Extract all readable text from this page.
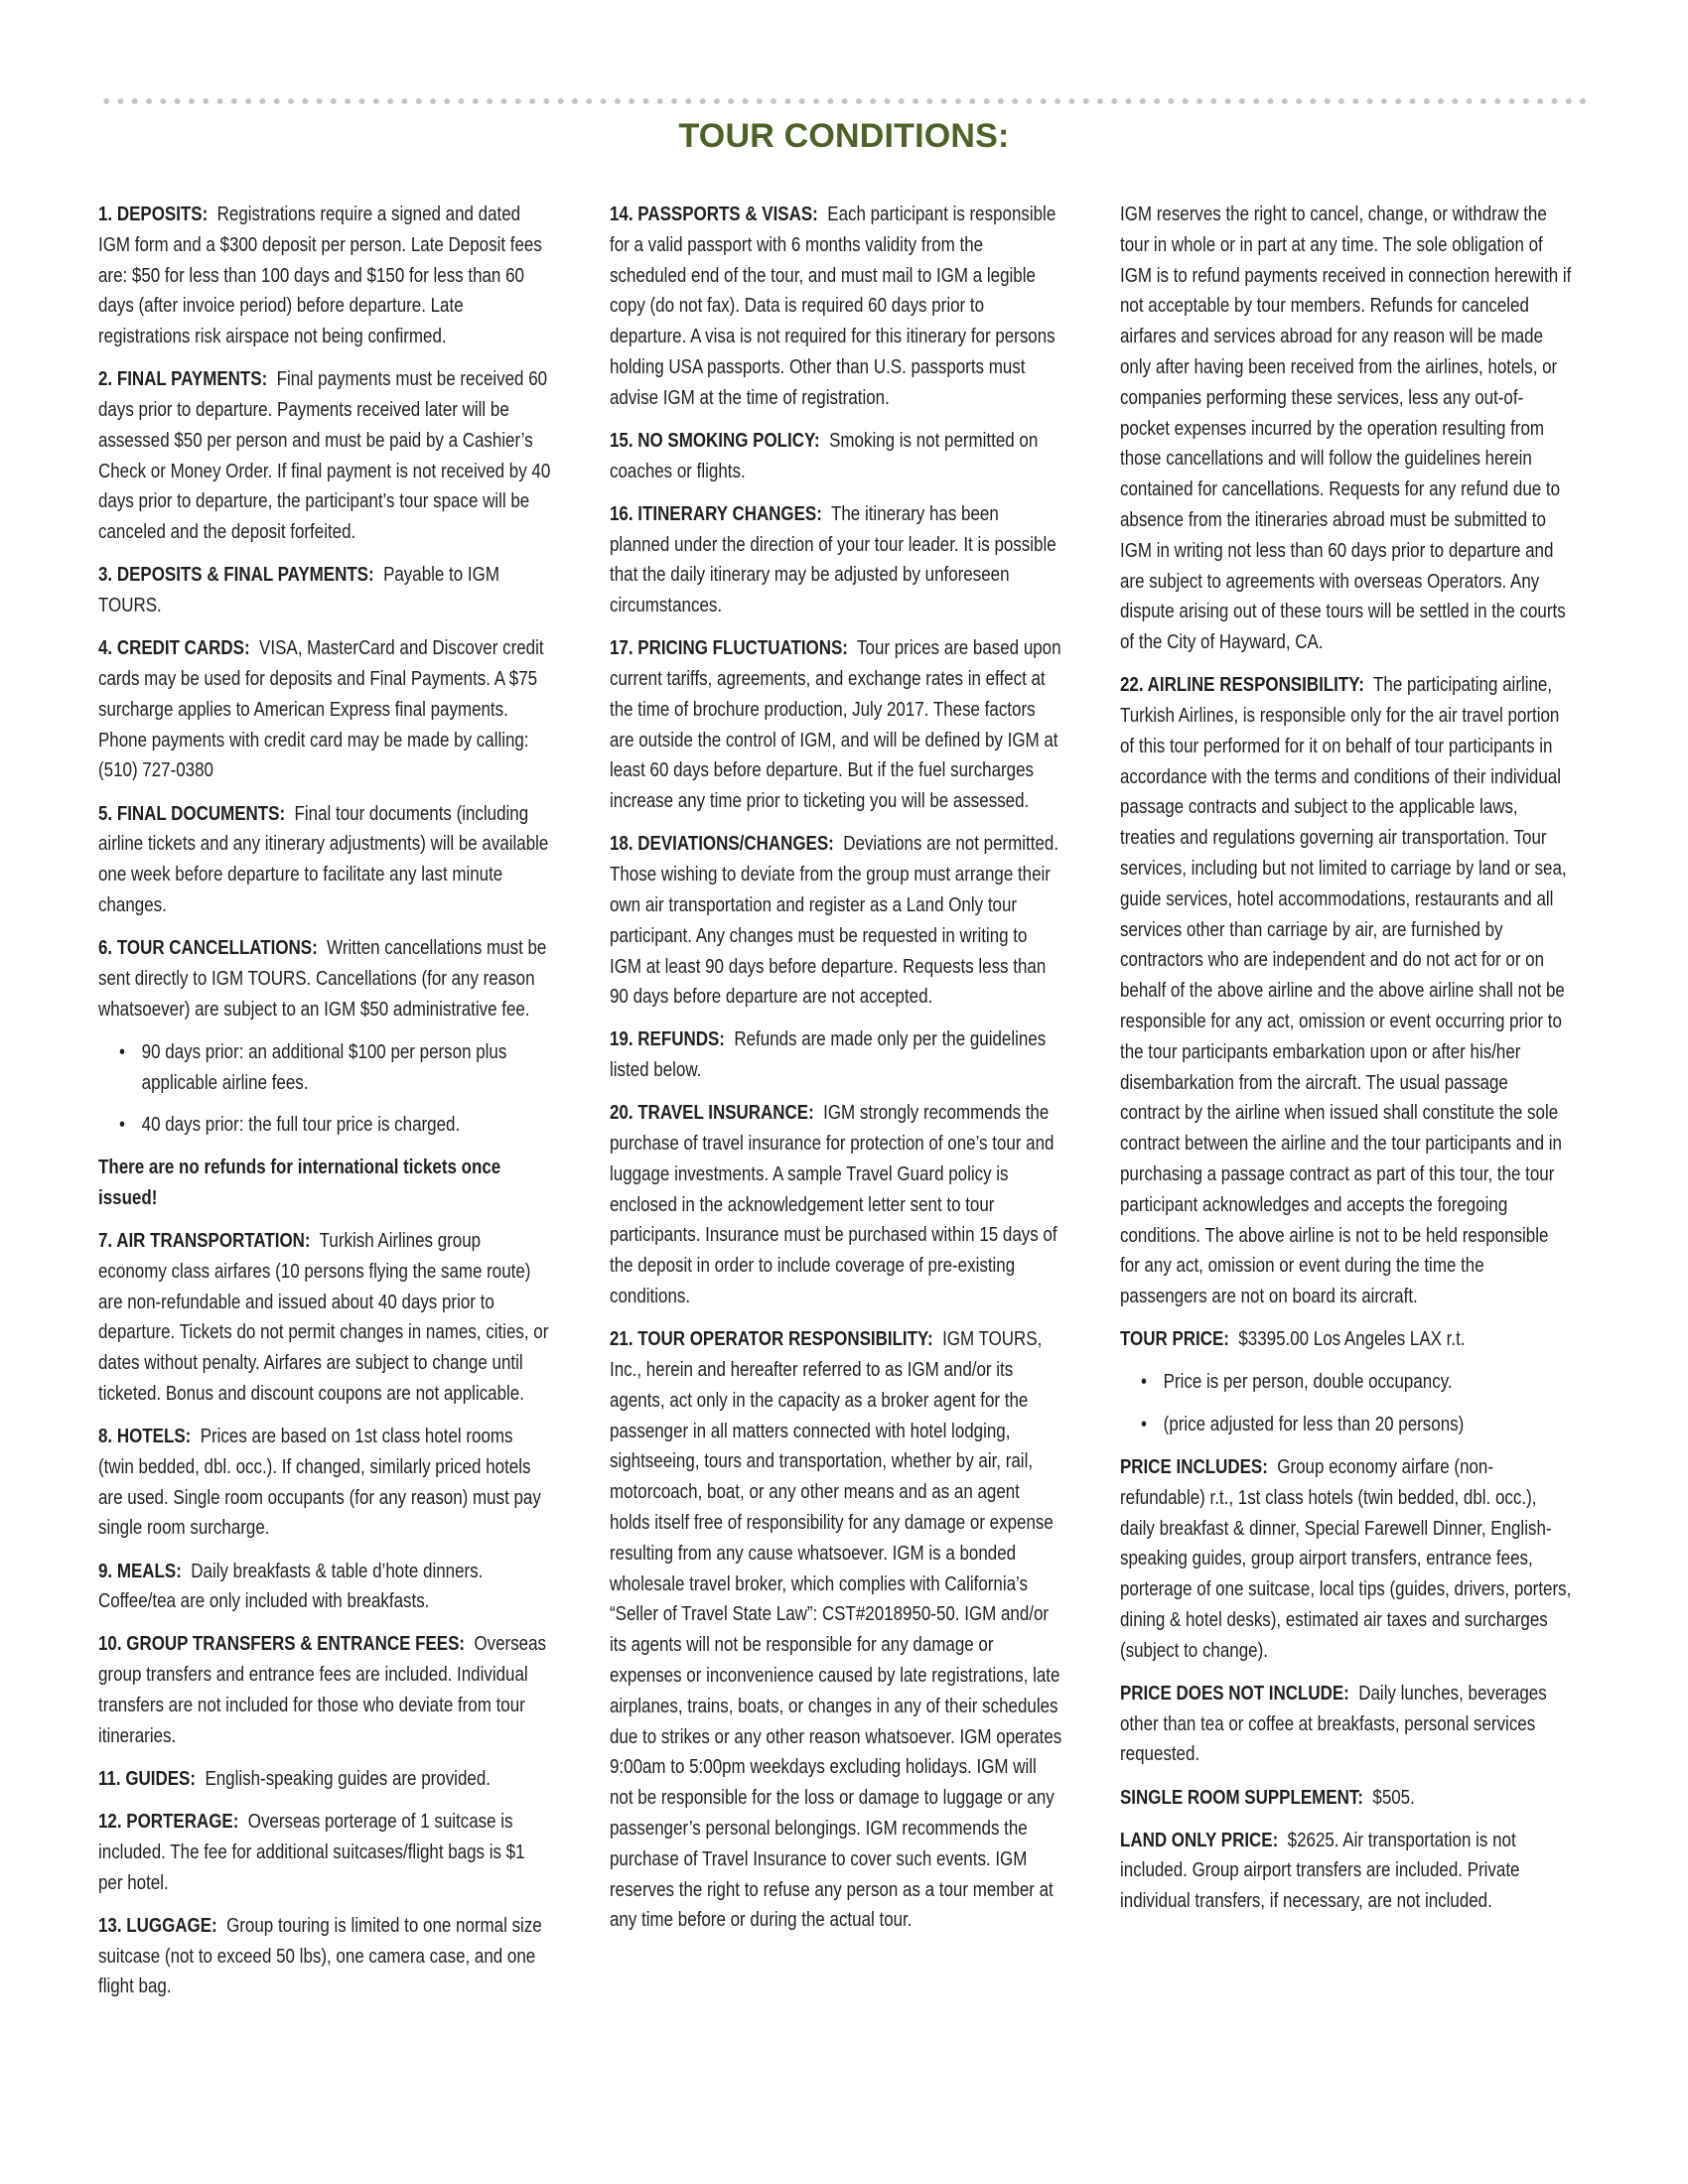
TOUR CONDITIONS:

1. DEPOSITS: Registrations require a signed and dated IGM form and a $300 deposit per person. Late Deposit fees are: $50 for less than 100 days and $150 for less than 60 days (after invoice period) before departure. Late registrations risk airspace not being confirmed.

2. FINAL PAYMENTS: Final payments must be received 60 days prior to departure. Payments received later will be assessed $50 per person and must be paid by a Cashier’s Check or Money Order. If final payment is not received by 40 days prior to departure, the participant’s tour space will be canceled and the deposit forfeited.

3. DEPOSITS & FINAL PAYMENTS: Payable to IGM TOURS.

4. CREDIT CARDS: VISA, MasterCard and Discover credit cards may be used for deposits and Final Payments. A $75 surcharge applies to American Express final payments. Phone payments with credit card may be made by calling: (510) 727-0380

5. FINAL DOCUMENTS: Final tour documents (including airline tickets and any itinerary adjustments) will be available one week before departure to facilitate any last minute changes.

6. TOUR CANCELLATIONS: Written cancellations must be sent directly to IGM TOURS. Cancellations (for any reason whatsoever) are subject to an IGM $50 administrative fee.

• 90 days prior: an additional $100 per person plus applicable airline fees.
• 40 days prior: the full tour price is charged.

There are no refunds for international tickets once issued!

7. AIR TRANSPORTATION: Turkish Airlines group economy class airfares (10 persons flying the same route) are non-refundable and issued about 40 days prior to departure. Tickets do not permit changes in names, cities, or dates without penalty. Airfares are subject to change until ticketed. Bonus and discount coupons are not applicable.

8. HOTELS: Prices are based on 1st class hotel rooms (twin bedded, dbl. occ.). If changed, similarly priced hotels are used. Single room occupants (for any reason) must pay single room surcharge.

9. MEALS: Daily breakfasts & table d’hote dinners. Coffee/tea are only included with breakfasts.

10. GROUP TRANSFERS & ENTRANCE FEES: Overseas group transfers and entrance fees are included. Individual transfers are not included for those who deviate from tour itineraries.

11. GUIDES: English-speaking guides are provided.

12. PORTERAGE: Overseas porterage of 1 suitcase is included. The fee for additional suitcases/flight bags is $1 per hotel.

13. LUGGAGE: Group touring is limited to one normal size suitcase (not to exceed 50 lbs), one camera case, and one flight bag.

14. PASSPORTS & VISAS: Each participant is responsible for a valid passport with 6 months validity from the scheduled end of the tour, and must mail to IGM a legible copy (do not fax). Data is required 60 days prior to departure. A visa is not required for this itinerary for persons holding USA passports. Other than U.S. passports must advise IGM at the time of registration.

15. NO SMOKING POLICY: Smoking is not permitted on coaches or flights.

16. ITINERARY CHANGES: The itinerary has been planned under the direction of your tour leader. It is possible that the daily itinerary may be adjusted by unforeseen circumstances.

17. PRICING FLUCTUATIONS: Tour prices are based upon current tariffs, agreements, and exchange rates in effect at the time of brochure production, July 2017. These factors are outside the control of IGM, and will be defined by IGM at least 60 days before departure. But if the fuel surcharges increase any time prior to ticketing you will be assessed.

18. DEVIATIONS/CHANGES: Deviations are not permitted. Those wishing to deviate from the group must arrange their own air transportation and register as a Land Only tour participant. Any changes must be requested in writing to IGM at least 90 days before departure. Requests less than 90 days before departure are not accepted.

19. REFUNDS: Refunds are made only per the guidelines listed below.

20. TRAVEL INSURANCE: IGM strongly recommends the purchase of travel insurance for protection of one’s tour and luggage investments. A sample Travel Guard policy is enclosed in the acknowledgement letter sent to tour participants. Insurance must be purchased within 15 days of the deposit in order to include coverage of pre-existing conditions.

21. TOUR OPERATOR RESPONSIBILITY: IGM TOURS, Inc., herein and hereafter referred to as IGM and/or its agents, act only in the capacity as a broker agent for the passenger in all matters connected with hotel lodging, sightseeing, tours and transportation, whether by air, rail, motorcoach, boat, or any other means and as an agent holds itself free of responsibility for any damage or expense resulting from any cause whatsoever. IGM is a bonded wholesale travel broker, which complies with California’s “Seller of Travel State Law”: CST#2018950-50. IGM and/or its agents will not be responsible for any damage or expenses or inconvenience caused by late registrations, late airplanes, trains, boats, or changes in any of their schedules due to strikes or any other reason whatsoever. IGM operates 9:00am to 5:00pm weekdays excluding holidays. IGM will not be responsible for the loss or damage to luggage or any passenger’s personal belongings. IGM recommends the purchase of Travel Insurance to cover such events. IGM reserves the right to refuse any person as a tour member at any time before or during the actual tour.

IGM reserves the right to cancel, change, or withdraw the tour in whole or in part at any time. The sole obligation of IGM is to refund payments received in connection herewith if not acceptable by tour members. Refunds for canceled airfares and services abroad for any reason will be made only after having been received from the airlines, hotels, or companies performing these services, less any out-of-pocket expenses incurred by the operation resulting from those cancellations and will follow the guidelines herein contained for cancellations. Requests for any refund due to absence from the itineraries abroad must be submitted to IGM in writing not less than 60 days prior to departure and are subject to agreements with overseas Operators. Any dispute arising out of these tours will be settled in the courts of the City of Hayward, CA.

22. AIRLINE RESPONSIBILITY: The participating airline, Turkish Airlines, is responsible only for the air travel portion of this tour performed for it on behalf of tour participants in accordance with the terms and conditions of their individual passage contracts and subject to the applicable laws, treaties and regulations governing air transportation. Tour services, including but not limited to carriage by land or sea, guide services, hotel accommodations, restaurants and all services other than carriage by air, are furnished by contractors who are independent and do not act for or on behalf of the above airline and the above airline shall not be responsible for any act, omission or event occurring prior to the tour participants embarkation upon or after his/her disembarkation from the aircraft. The usual passage contract by the airline when issued shall constitute the sole contract between the airline and the tour participants and in purchasing a passage contract as part of this tour, the tour participant acknowledges and accepts the foregoing conditions. The above airline is not to be held responsible for any act, omission or event during the time the passengers are not on board its aircraft.

TOUR PRICE: $3395.00 Los Angeles LAX r.t.

• Price is per person, double occupancy.
• (price adjusted for less than 20 persons)

PRICE INCLUDES: Group economy airfare (non-refundable) r.t., 1st class hotels (twin bedded, dbl. occ.), daily breakfast & dinner, Special Farewell Dinner, English-speaking guides, group airport transfers, entrance fees, porterage of one suitcase, local tips (guides, drivers, porters, dining & hotel desks), estimated air taxes and surcharges (subject to change).

PRICE DOES NOT INCLUDE: Daily lunches, beverages other than tea or coffee at breakfasts, personal services requested.

SINGLE ROOM SUPPLEMENT: $505.

LAND ONLY PRICE: $2625. Air transportation is not included. Group airport transfers are included. Private individual transfers, if necessary, are not included.
